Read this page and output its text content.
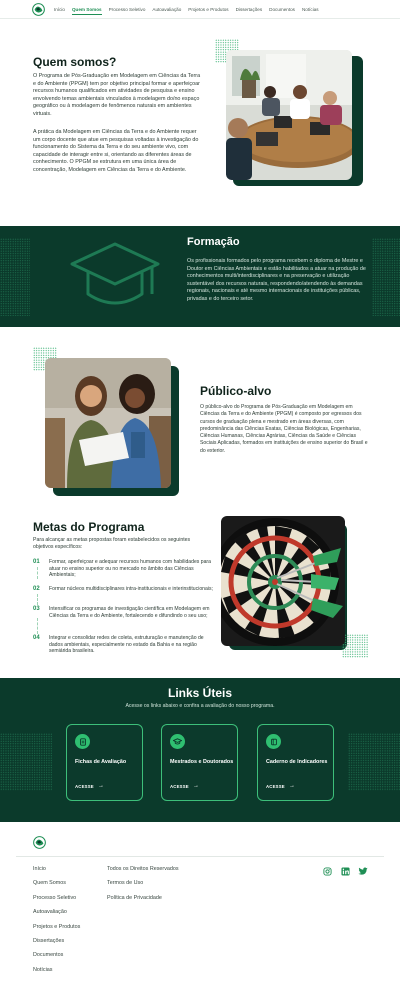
Início Quem Somos Processo Seletivo Autoavaliação Projetos e Produtos Dissertações Documentos Notícias
Quem somos?
O Programa de Pós-Graduação em Modelagem em Ciências da Terra e do Ambiente (PPGM) tem por objetivo principal formar e aperfeiçoar recursos humanos qualificados em atividades de pesquisa e ensino envolvendo temas ambientais vinculados à modelagem do/no espaço geográfico ou à modelagem de fenômenos naturais em ambientes virtuais.
A prática da Modelagem em Ciências da Terra e do Ambiente requer um corpo docente que atue em pesquisas voltadas à investigação do funcionamento do Sistema da Terra e do seu ambiente vivo, com capacidade de interagir entre si, orientando as diferentes áreas de conhecimento. O PPGM se estrutura em uma única área de concentração, Modelagem em Ciências da Terra e do Ambiente.
Formação
Os profissionais formados pelo programa recebem o diploma de Mestre e Doutor em Ciências Ambientais e estão habilitados a atuar na produção de conhecimentos multi/interdisciplinares e na preservação e utilização sustentável dos recursos naturais, respondendo/atendendo às demandas regionais, nacionais e até mesmo internacionais de instituições públicas, privadas e do terceiro setor.
Público-alvo
O público-alvo do Programa de Pós-Graduação em Modelagem em Ciências da Terra e do Ambiente (PPGM) é composto por egressos dos cursos de graduação plena e mestrado em áreas diversas, com predominância das Ciências Exatas, Ciências Biológicas, Engenharias, Ciências Humanas, Ciências Agrárias, Ciências da Saúde e Ciências Sociais Aplicadas, formados em instituições de ensino superior do Brasil e do exterior.
Metas do Programa
Para alcançar as metas propostas foram estabelecidos os seguintes objetivos específicos:
01	Formar, aperfeiçoar e adequar recursos humanos com habilidades para atuar no ensino superior ou no mercado no âmbito das Ciências Ambientais;
02	Formar núcleos multidisciplinares intra-institucionais e interinstitucionais;
03	Intensificar os programas de investigação científica em Modelagem em Ciências da Terra e do Ambiente, fortalecendo e difundindo o seu uso;
04	Integrar e consolidar redes de coleta, estruturação e manutenção de dados ambientais, especialmente no estado da Bahia e na região semiárida brasileira.
Links Úteis
Acesse os links abaixo e confira a avaliação do nosso programa.
Fichas de Avaliação
ACESSE →
Mestrados e Doutorados
ACESSE →
Caderno de Indicadores
ACESSE →
Início
Quem Somos
Processo Seletivo
Autoavaliação
Projetos e Produtos
Dissertações
Documentos
Notícias
Todos os Direitos Reservados
Termos de Uso
Política de Privacidade
